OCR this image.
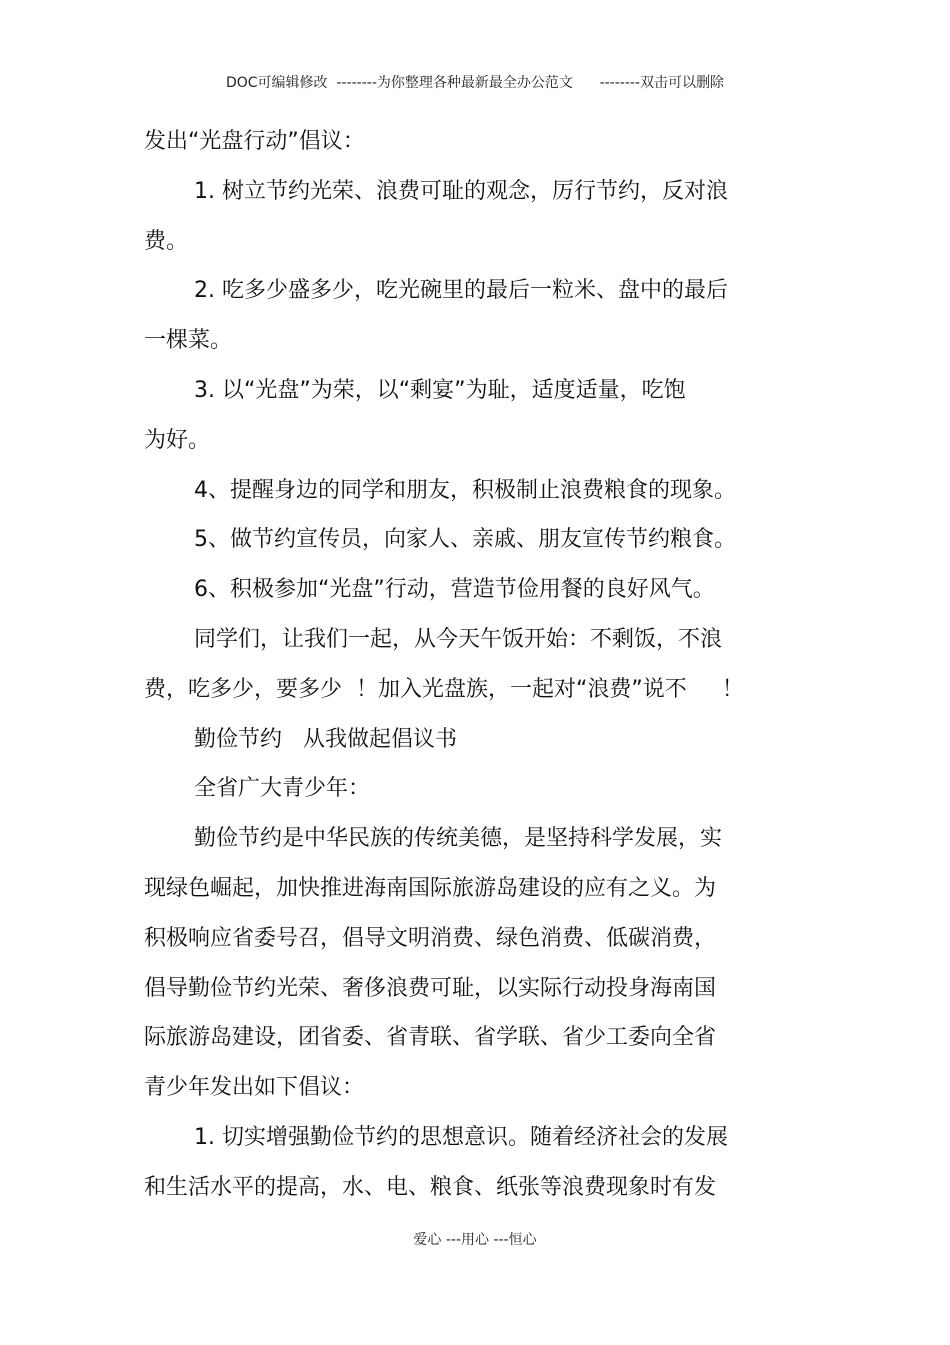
DOC可编辑修改  --------为你整理各种最新最全办公范文      --------双击可以删除
发出“光盘行动”倡议：
1. 树立节约光荣、浪费可耻的观念，厉行节约，反对浪
费。
2. 吃多少盛多少，吃光碗里的最后一粒米、盘中的最后
一棵菜。
3. 以“光盘”为荣，以“剩宴”为耻，适度适量，吃饱
为好。
4、提醒身边的同学和朋友，积极制止浪费粮食的现象。
5、做节约宣传员，向家人、亲戚、朋友宣传节约粮食。
6、积极参加“光盘”行动，营造节俭用餐的良好风气。
同学们，让我们一起，从今天午饭开始：不剩饭，不浪
费，吃多少，要多少  ！加入光盘族，一起对“浪费”说不     ！
勤俭节约   从我做起倡议书
全省广大青少年：
勤俭节约是中华民族的传统美德，是坚持科学发展，实
现绿色崛起，加快推进海南国际旅游岛建设的应有之义。为
积极响应省委号召，倡导文明消费、绿色消费、低碳消费，
倡导勤俭节约光荣、奢侈浪费可耻，以实际行动投身海南国
际旅游岛建设，团省委、省青联、省学联、省少工委向全省
青少年发出如下倡议：
1. 切实增强勤俭节约的思想意识。随着经济社会的发展
和生活水平的提高，水、电、粮食、纸张等浪费现象时有发
爱心 ---用心 ---恒心
